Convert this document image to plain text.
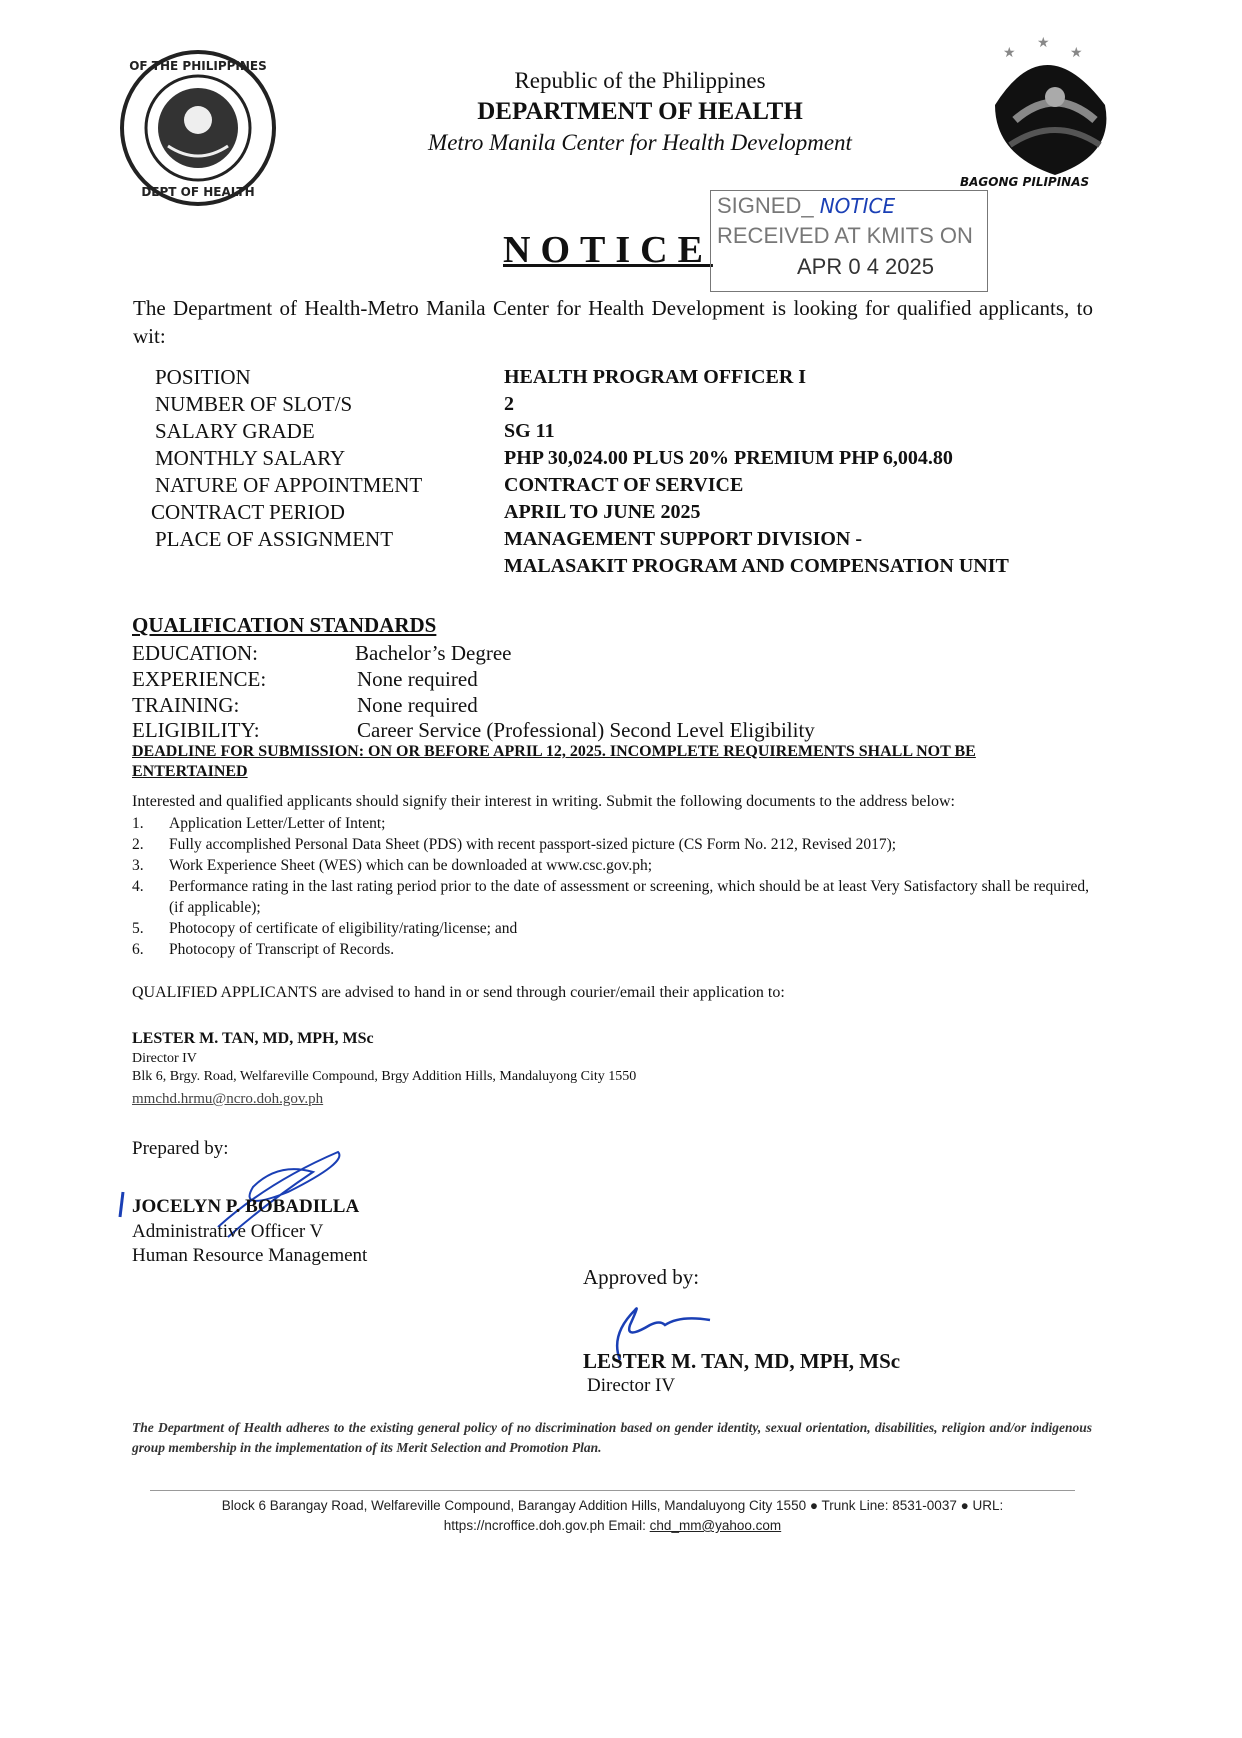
OF THE PHILIPPINES
DEPT OF HEALTH
★
★
★
BAGONG PILIPINAS
Republic of the Philippines
DEPARTMENT OF HEALTH
Metro Manila Center for Health Development
NOTICE
SIGNED_ NOTICE
RECEIVED AT KMITS ON
APR 0 4 2025
The Department of Health-Metro Manila Center for Health Development is looking for qualified applicants, to wit:
POSITION	HEALTH PROGRAM OFFICER I
NUMBER OF SLOT/S	2
SALARY GRADE	SG 11
MONTHLY SALARY	PHP 30,024.00 PLUS 20% PREMIUM PHP 6,004.80
NATURE OF APPOINTMENT	CONTRACT OF SERVICE
CONTRACT PERIOD	APRIL TO JUNE 2025
PLACE OF ASSIGNMENT	MANAGEMENT SUPPORT DIVISION -
MALASAKIT PROGRAM AND COMPENSATION UNIT
QUALIFICATION STANDARDS
EDUCATION:	Bachelor’s Degree
EXPERIENCE:	None required
TRAINING:	None required
ELIGIBILITY:	Career Service (Professional) Second Level Eligibility
DEADLINE FOR SUBMISSION: ON OR BEFORE APRIL 12, 2025. INCOMPLETE REQUIREMENTS SHALL NOT BE ENTERTAINED
Interested and qualified applicants should signify their interest in writing. Submit the following documents to the address below:
1. Application Letter/Letter of Intent;
2. Fully accomplished Personal Data Sheet (PDS) with recent passport-sized picture (CS Form No. 212, Revised 2017);
3. Work Experience Sheet (WES) which can be downloaded at www.csc.gov.ph;
4. Performance rating in the last rating period prior to the date of assessment or screening, which should be at least Very Satisfactory shall be required, (if applicable);
5. Photocopy of certificate of eligibility/rating/license; and
6. Photocopy of Transcript of Records.
QUALIFIED APPLICANTS are advised to hand in or send through courier/email their application to:
LESTER M. TAN, MD, MPH, MSc
Director IV
Blk 6, Brgy. Road, Welfareville Compound, Brgy Addition Hills, Mandaluyong City 1550
mmchd.hrmu@ncro.doh.gov.ph
Prepared by:
JOCELYN P. BOBADILLA
Administrative Officer V
Human Resource Management
Approved by:
LESTER M. TAN, MD, MPH, MSc
Director IV
The Department of Health adheres to the existing general policy of no discrimination based on gender identity, sexual orientation, disabilities, religion and/or indigenous group membership in the implementation of its Merit Selection and Promotion Plan.
Block 6 Barangay Road, Welfareville Compound, Barangay Addition Hills, Mandaluyong City 1550 ● Trunk Line: 8531-0037 ● URL:
https://ncroffice.doh.gov.ph Email: chd_mm@yahoo.com
